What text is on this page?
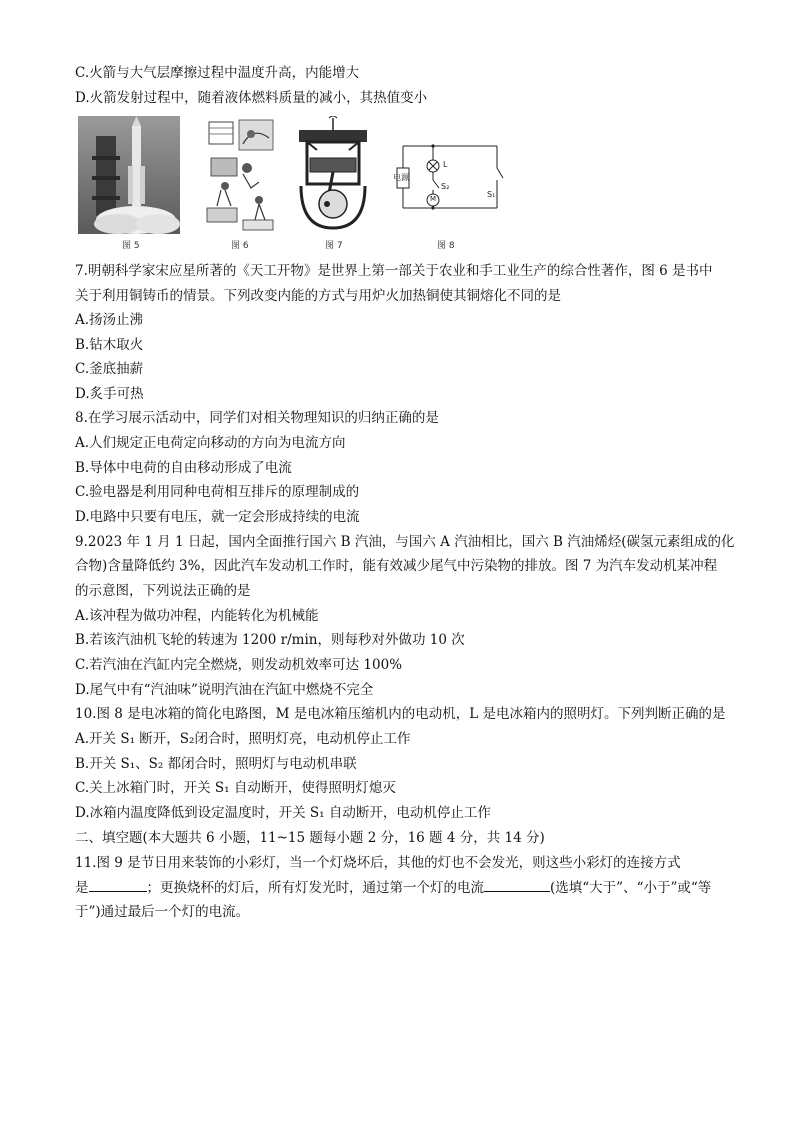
C.火箭与大气层摩擦过程中温度升高，内能增大
D.火箭发射过程中，随着液体燃料质量的减小，其热值变小
图 5	图 6	图 7
电源
L
M
S₂
S₁
图 8
7.明朝科学家宋应星所著的《天工开物》是世界上第一部关于农业和手工业生产的综合性著作，图 6 是书中
关于利用铜铸币的情景。下列改变内能的方式与用炉火加热铜使其铜熔化不同的是
A.扬汤止沸
B.钻木取火
C.釜底抽薪
D.炙手可热
8.在学习展示活动中，同学们对相关物理知识的归纳正确的是
A.人们规定正电荷定向移动的方向为电流方向
B.导体中电荷的自由移动形成了电流
C.验电器是利用同种电荷相互排斥的原理制成的
D.电路中只要有电压，就一定会形成持续的电流
9.2023 年 1 月 1 日起，国内全面推行国六 B 汽油，与国六 A 汽油相比，国六 B 汽油烯烃(碳氢元素组成的化
合物)含量降低约 3%，因此汽车发动机工作时，能有效减少尾气中污染物的排放。图 7 为汽车发动机某冲程
的示意图，下列说法正确的是
A.该冲程为做功冲程，内能转化为机械能
B.若该汽油机飞轮的转速为 1200 r/min，则每秒对外做功 10 次
C.若汽油在汽缸内完全燃烧，则发动机效率可达 100%
D.尾气中有“汽油味”说明汽油在汽缸中燃烧不完全
10.图 8 是电冰箱的简化电路图，M 是电冰箱压缩机内的电动机，L 是电冰箱内的照明灯。下列判断正确的是
A.开关 S₁ 断开，S₂闭合时，照明灯亮，电动机停止工作
B.开关 S₁、S₂ 都闭合时，照明灯与电动机串联
C.关上冰箱门时，开关 S₁ 自动断开，使得照明灯熄灭
D.冰箱内温度降低到设定温度时，开关 S₁ 自动断开，电动机停止工作
二、填空题(本大题共 6 小题，11~15 题每小题 2 分，16 题 4 分，共 14 分)
11.图 9 是节日用来装饰的小彩灯，当一个灯烧坏后，其他的灯也不会发光，则这些小彩灯的连接方式
是	；更换烧杯的灯后，所有灯发光时，通过第一个灯的电流	(选填“大于”、“小于”或“等
于”)通过最后一个灯的电流。
